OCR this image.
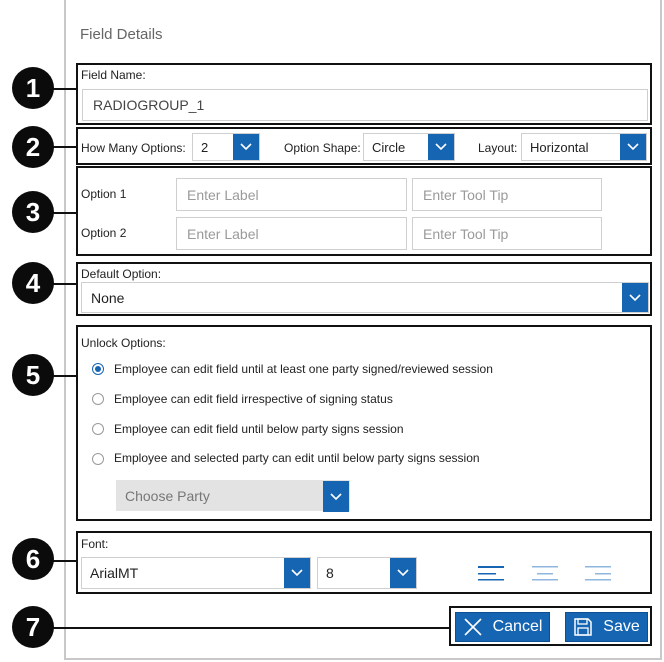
Field Details
1
2
3
4
5
6
7
Field Name:
RADIOGROUP_1
How Many Options: 2	Option Shape: Circle	Layout: Horizontal
Option 1	Enter Label	Enter Tool Tip
Option 2	Enter Label	Enter Tool Tip
Default Option:
None
Unlock Options:
Employee can edit field until at least one party signed/reviewed session
Employee can edit field irrespective of signing status
Employee can edit field until below party signs session
Employee and selected party can edit until below party signs session
Choose Party
Font:
ArialMT	8
Cancel	Save
